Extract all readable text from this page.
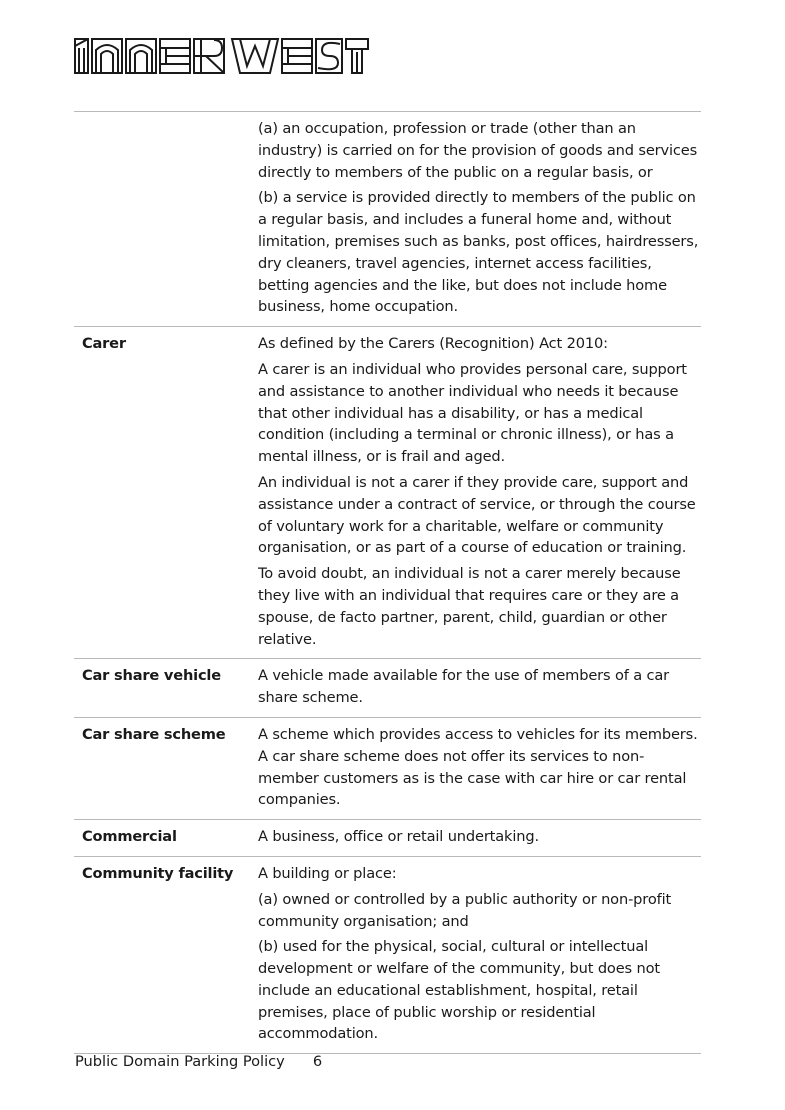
	(a) an occupation, profession or trade (other than an industry) is carried on for the provision of goods and services directly to members of the public on a regular basis, or

(b) a service is provided directly to members of the public on a regular basis, and includes a funeral home and, without limitation, premises such as banks, post offices, hairdressers, dry cleaners, travel agencies, internet access facilities, betting agencies and the like, but does not include home business, home occupation.

Carer	As defined by the Carers (Recognition) Act 2010:

A carer is an individual who provides personal care, support and assistance to another individual who needs it because that other individual has a disability, or has a medical condition (including a terminal or chronic illness), or has a mental illness, or is frail and aged.

An individual is not a carer if they provide care, support and assistance under a contract of service, or through the course of voluntary work for a charitable, welfare or community organisation, or as part of a course of education or training.

To avoid doubt, an individual is not a carer merely because they live with an individual that requires care or they are a spouse, de facto partner, parent, child, guardian or other relative.

Car share vehicle	A vehicle made available for the use of members of a car share scheme.

Car share scheme	A scheme which provides access to vehicles for its members. A car share scheme does not offer its services to non-member customers as is the case with car hire or car rental companies.

Commercial	A business, office or retail undertaking.

Community facility	A building or place:

(a) owned or controlled by a public authority or non-profit community organisation; and

(b) used for the physical, social, cultural or intellectual development or welfare of the community, but does not include an educational establishment, hospital, retail premises, place of public worship or residential accommodation.

Public Domain Parking Policy 6
